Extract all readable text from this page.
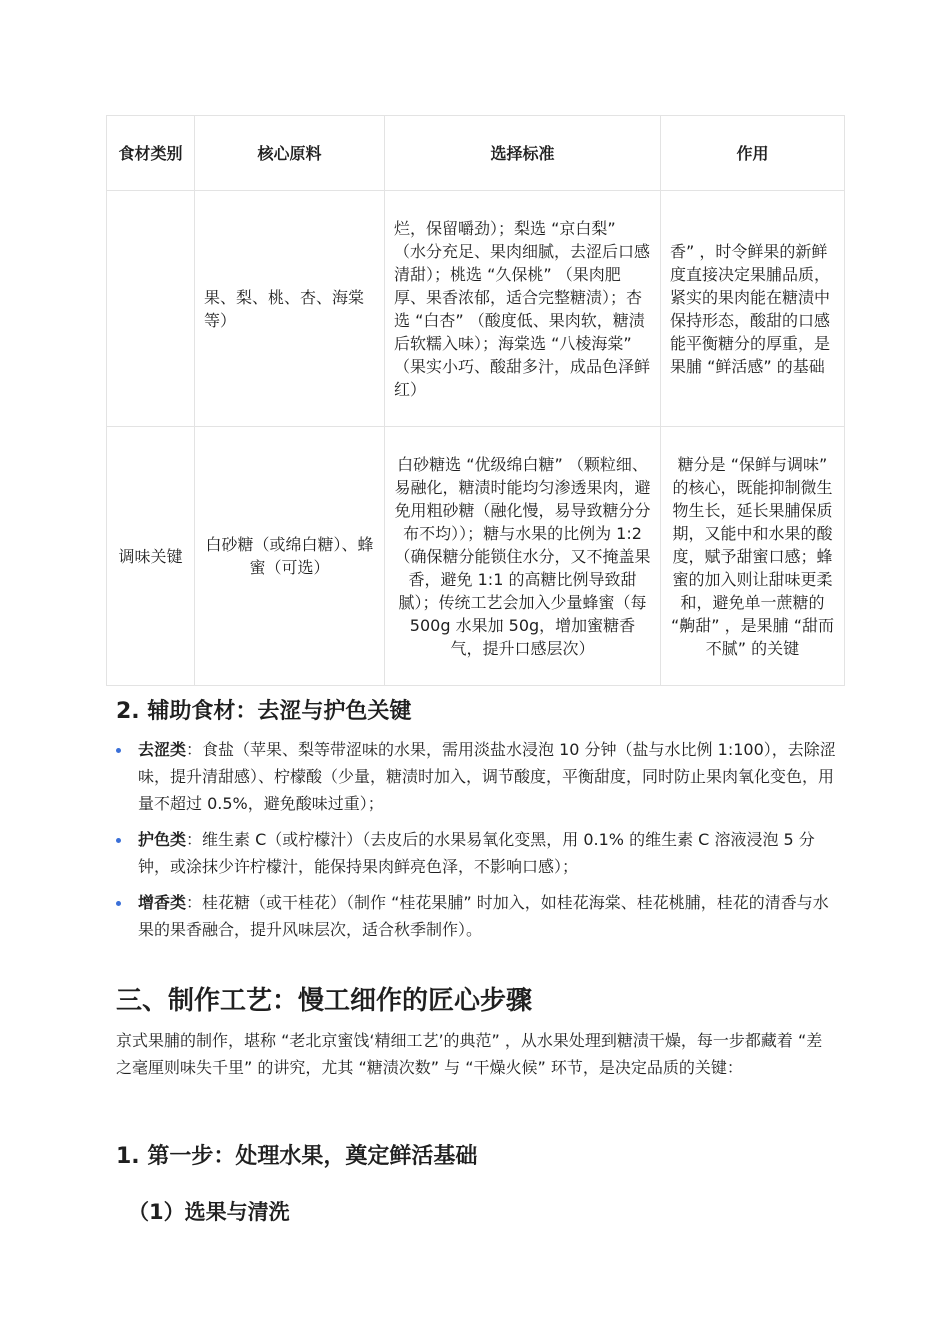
食材类别	核心原料	选择标准	作用
	果、梨、桃、杏、海棠等）	烂，保留嚼劲）；梨选 “京白梨” （水分充足、果肉细腻，去涩后口感清甜）；桃选 “久保桃” （果肉肥厚、果香浓郁，适合完整糖渍）；杏选 “白杏” （酸度低、果肉软，糖渍后软糯入味）；海棠选 “八棱海棠” （果实小巧、酸甜多汁，成品色泽鲜红）	香” ，时令鲜果的新鲜度直接决定果脯品质，紧实的果肉能在糖渍中保持形态，酸甜的口感能平衡糖分的厚重，是果脯 “鲜活感” 的基础
调味关键	白砂糖（或绵白糖）、蜂蜜（可选）	白砂糖选 “优级绵白糖” （颗粒细、易融化，糖渍时能均匀渗透果肉，避免用粗砂糖（融化慢，易导致糖分分布不均））；糖与水果的比例为 1:2（确保糖分能锁住水分，又不掩盖果香，避免 1:1 的高糖比例导致甜腻）；传统工艺会加入少量蜂蜜（每 500g 水果加 50g，增加蜜糖香气，提升口感层次）	糖分是 “保鲜与调味” 的核心，既能抑制微生物生长，延长果脯保质期，又能中和水果的酸度，赋予甜蜜口感；蜂蜜的加入则让甜味更柔和，避免单一蔗糖的 “齁甜” ，是果脯 “甜而不腻” 的关键
2. 辅助食材：去涩与护色关键
去涩类：食盐（苹果、梨等带涩味的水果，需用淡盐水浸泡 10 分钟（盐与水比例 1:100），去除涩味，提升清甜感）、柠檬酸（少量，糖渍时加入，调节酸度，平衡甜度，同时防止果肉氧化变色，用量不超过 0.5%，避免酸味过重）；
护色类：维生素 C（或柠檬汁）（去皮后的水果易氧化变黑，用 0.1% 的维生素 C 溶液浸泡 5 分钟，或涂抹少许柠檬汁，能保持果肉鲜亮色泽，不影响口感）；
增香类：桂花糖（或干桂花）（制作 “桂花果脯” 时加入，如桂花海棠、桂花桃脯，桂花的清香与水果的果香融合，提升风味层次，适合秋季制作）。
三、制作工艺：慢工细作的匠心步骤

京式果脯的制作，堪称 “老北京蜜饯‘精细工艺’的典范” ，从水果处理到糖渍干燥，每一步都藏着 “差之毫厘则味失千里” 的讲究，尤其 “糖渍次数” 与 “干燥火候” 环节，是决定品质的关键：

1. 第一步：处理水果，奠定鲜活基础
（1）选果与清洗
